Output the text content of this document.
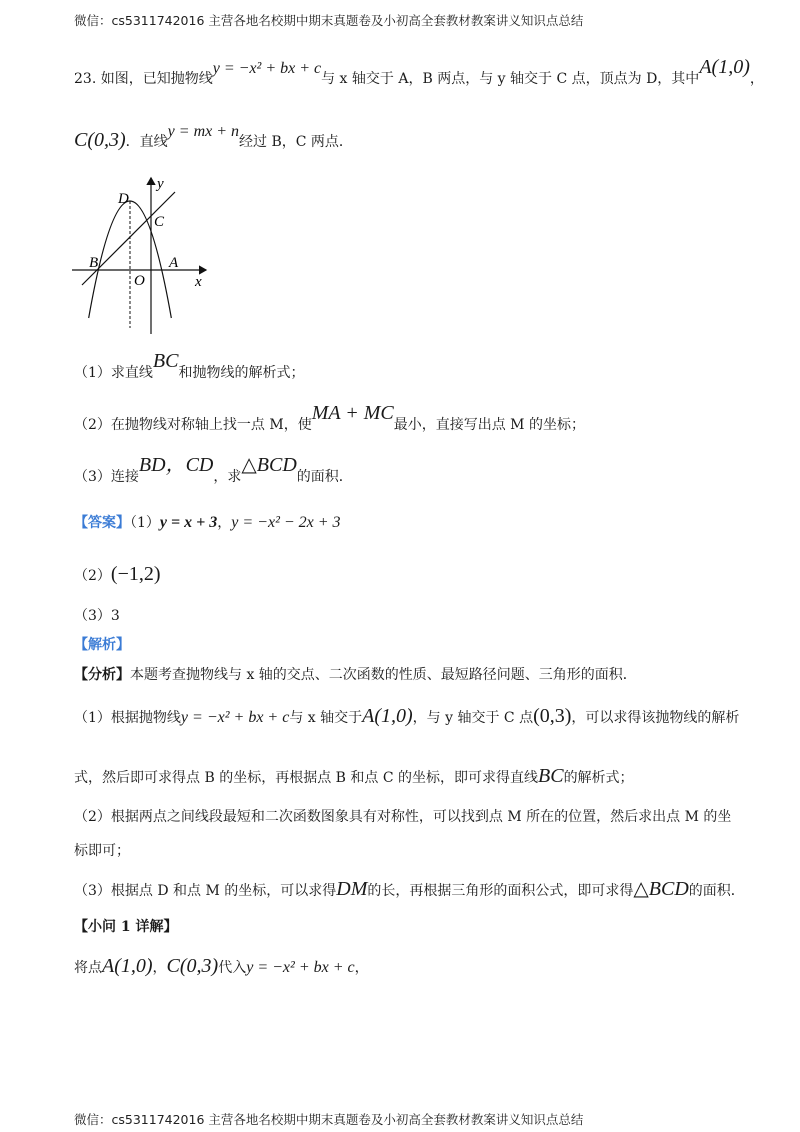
微信：cs5311742016 主营各地名校期中期末真题卷及小初高全套教材教案讲义知识点总结
23. 如图，已知抛物线y = −x² + bx + c与 x 轴交于 A，B 两点，与 y 轴交于 C 点，顶点为 D，其中A(1,0)，
C(0,3)．直线y = mx + n经过 B，C 两点．
D
y
C
B
O
A
x
（1）求直线BC和抛物线的解析式；
（2）在抛物线对称轴上找一点 M，使MA + MC最小，直接写出点 M 的坐标；
（3）连接BD，CD，求△BCD的面积．
【答案】（1）y = x + 3，y = −x² − 2x + 3
（2）(−1,2)
（3）3
【解析】
【分析】本题考查抛物线与 x 轴的交点、二次函数的性质、最短路径问题、三角形的面积．
（1）根据抛物线y = −x² + bx + c与 x 轴交于A(1,0)，与 y 轴交于 C 点(0,3)，可以求得该抛物线的解析
式，然后即可求得点 B 的坐标，再根据点 B 和点 C 的坐标，即可求得直线BC的解析式；
（2）根据两点之间线段最短和二次函数图象具有对称性，可以找到点 M 所在的位置，然后求出点 M 的坐
标即可；
（3）根据点 D 和点 M 的坐标，可以求得DM的长，再根据三角形的面积公式，即可求得△BCD的面积．
【小问 1 详解】
将点A(1,0)，C(0,3)代入y = −x² + bx + c，
微信：cs5311742016 主营各地名校期中期末真题卷及小初高全套教材教案讲义知识点总结
